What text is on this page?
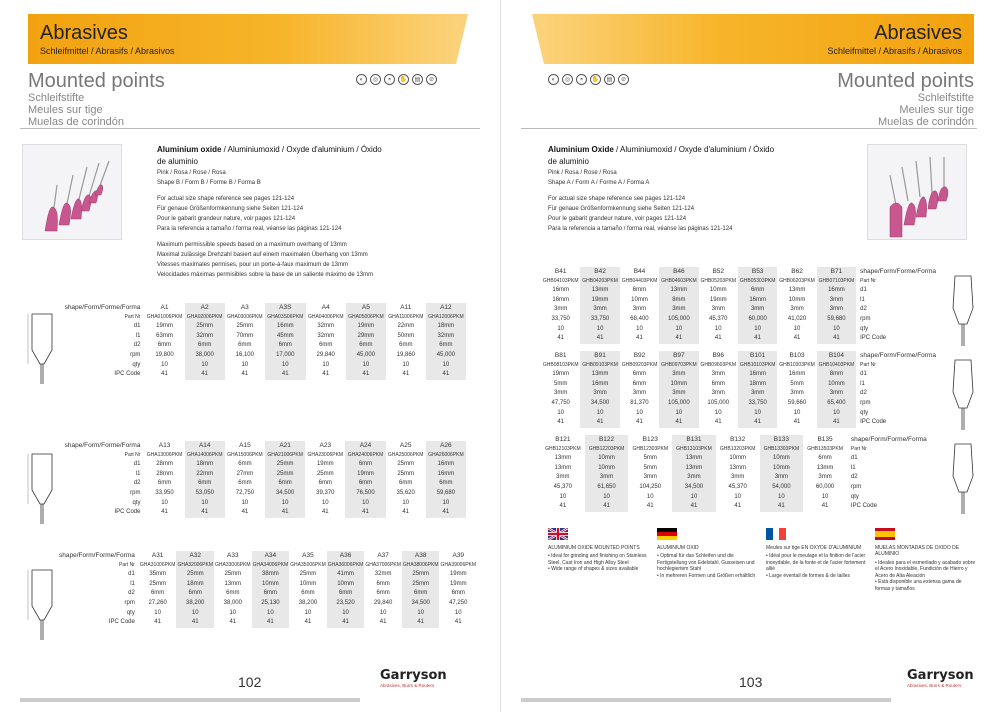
Abrasives
Schleifmittel / Abrasifs / Abrasivos
Mounted points
Schleifstifte
Meules sur tige
Muelas de corindón
◐	◎	◓	✋	▤	⊘
Aluminium oxide / Aluminiumoxid / Oxyde d'aluminium / Óxido de aluminio
Pink / Rosa / Rose / Rosa
Shape B / Form B / Forme B / Forma B
For actual size shape reference see pages 121-124
Für genaue Größenformkennung siehe Seiten 121-124
Pour le gabarit grandeur nature, voir pages 121-124
Para la referencia a tamaño / forma real, véanse las páginas 121-124
Maximum permissible speeds based on a maximum overhang of 13mm
Maximal zulässige Drehzahl basiert auf einem maximalen Überhang von 13mm
Vitesses maximales permises, pour un porte-à-faux maximum de 13mm
Velocidades máximas permisibles sobre la base de un saliente máximo de 13mm
shape/Form/Forme/Forma	A1	A2	A3	A3S	A4	A5	A11	A12
Part Nr	GHA01006PKM	GHA02006PKM	GHA03006PKM	GHA03S06PKM	GHA04006PKM	GHA05006PKM	GHA11006PKM	GHA12006PKM
d1	19mm	25mm	25mm	16mm	32mm	19mm	22mm	18mm
l1	63mm	32mm	70mm	45mm	32mm	29mm	50mm	32mm
d2	6mm	6mm	6mm	6mm	6mm	6mm	6mm	6mm
rpm	19,800	38,000	16,100	17,000	29,840	45,000	19,860	45,000
qty	10	10	10	10	10	10	10	10
IPC Code	41	41	41	41	41	41	41	41
shape/Form/Forme/Forma	A13	A14	A15	A21	A23	A24	A25	A26
Part Nr	GHA13006PKM	GHA14006PKM	GHA15006PKM	GHA21006PKM	GHA23006PKM	GHA24006PKM	GHA25006PKM	GHA26006PKM
d1	28mm	18mm	6mm	25mm	19mm	6mm	25mm	16mm
l1	28mm	22mm	27mm	25mm	25mm	19mm	25mm	16mm
d2	6mm	6mm	6mm	6mm	6mm	6mm	6mm	6mm
rpm	33,950	53,050	72,750	34,500	39,370	76,500	35,620	59,680
qty	10	10	10	10	10	10	10	10
IPC Code	41	41	41	41	41	41	41	41
shape/Form/Forme/Forma	A31	A32	A33	A34	A35	A36	A37	A38	A39
Part Nr	GHA31006PKM	GHA32006PKM	GHA33006PKM	GHA34006PKM	GHA35006PKM	GHA36006PKM	GHA37006PKM	GHA38006PKM	GHA39006PKM
d1	35mm	25mm	25mm	38mm	25mm	41mm	32mm	25mm	19mm
l1	25mm	18mm	13mm	10mm	10mm	10mm	6mm	25mm	19mm
d2	6mm	6mm	6mm	6mm	6mm	6mm	6mm	6mm	6mm
rpm	27,260	38,200	38,000	25,130	38,200	23,520	29,840	34,500	47,250
qty	10	10	10	10	10	10	10	10	10
IPC Code	41	41	41	41	41	41	41	41	41
102	Garryson
Abrasives, Burrs & Routers
Abrasives
Schleifmittel / Abrasifs / Abrasivos
Mounted points
Schleifstifte
Meules sur tige
Muelas de corindón
◐	◎	◓	✋	▤	⊘
Aluminium Oxide / Aluminiumoxid / Oxyde d'aluminium / Óxido de aluminio
Pink / Rosa / Rose / Rosa
Shape A / Form A / Forme A / Forma A
For actual size shape reference see pages 121-124
Für genaue Größenformkennung siehe Seiten 121-124
Pour le gabarit grandeur nature, voir pages 121-124
Para la referencia a tamaño / forma real, véanse las páginas 121-124
B41	B42	B44	B46	B52	B53	B62	B71	shape/Form/Forme/Forma
GHB04103PKM	GHB04203PKM	GHB04403PKM	GHB04603PKM	GHB05203PKM	GHB05303PKM	GHB06203PKM	GHB07103PKM	Part Nr
16mm	13mm	6mm	13mm	10mm	6mm	13mm	16mm	d1
16mm	19mm	10mm	8mm	19mm	16mm	10mm	3mm	l1
3mm	3mm	3mm	3mm	3mm	3mm	3mm	3mm	d2
33,750	33,750	68,400	105,000	45,370	60,000	41,020	59,680	rpm
10	10	10	10	10	10	10	10	qty
41	41	41	41	41	41	41	41	IPC Code
B81	B91	B92	B97	B96	B101	B103	B104	shape/Form/Forme/Forma
GHB08103PKM	GHB09103PKM	GHB09203PKM	GHB09703PKM	GHB09603PKM	GHB10103PKM	GHB10303PKM	GHB10403PKM	Part Nr
19mm	13mm	6mm	3mm	3mm	16mm	16mm	8mm	d1
5mm	16mm	6mm	10mm	6mm	18mm	5mm	10mm	l1
3mm	3mm	3mm	3mm	3mm	3mm	3mm	3mm	d2
47,750	34,500	81,370	105,000	105,000	33,750	59,660	65,400	rpm
10	10	10	10	10	10	10	10	qty
41	41	41	41	41	41	41	41	IPC Code
B121	B122	B123	B131	B132	B133	B135	shape/Form/Forme/Forma
GHB12103PKM	GHB12203PKM	GHB12303PKM	GHB13103PKM	GHB13203PKM	GHB13303PKM	GHB13503PKM	Part Nr
13mm	10mm	5mm	13mm	10mm	10mm	6mm	d1
13mm	10mm	5mm	13mm	13mm	10mm	13mm	l1
3mm	3mm	3mm	3mm	3mm	3mm	3mm	d2
45,370	61,650	104,250	34,500	45,370	54,000	60,000	rpm
10	10	10	10	10	10	10	qty
41	41	41	41	41	41	41	IPC Code
ALUMINIUM OXIDE MOUNTED POINTS
• Ideal for grinding and finishing on Stainless Steel, Cast Iron and High Alloy Steel
• Wide range of shapes & sizes available
ALUMINIUM OXID
• Optimal für das Schleifen und die Fertigstellung von Edelstahl, Gusseisen und hochlegiertem Stahl
• In mehreren Formen und Größen erhältlich
Meules sur tige EN OXYDE D'ALUMINIUM
• Idéal pour le meulage et la finition de l'acier inoxydable, de la fonte et de l'acier fortement allié
• Large éventail de formes & de tailles
MUELAS MONTADAS DE OXIDO DE ALUMINIO
• Ideales para el esmerilado y acabado sobre el Acero Inoxidable, Fundición de Hierro y Acero de Alta Aleación
• Está disponible una extensa gama de formas y tamaños
103	Garryson
Abrasives, Burrs & Routers
